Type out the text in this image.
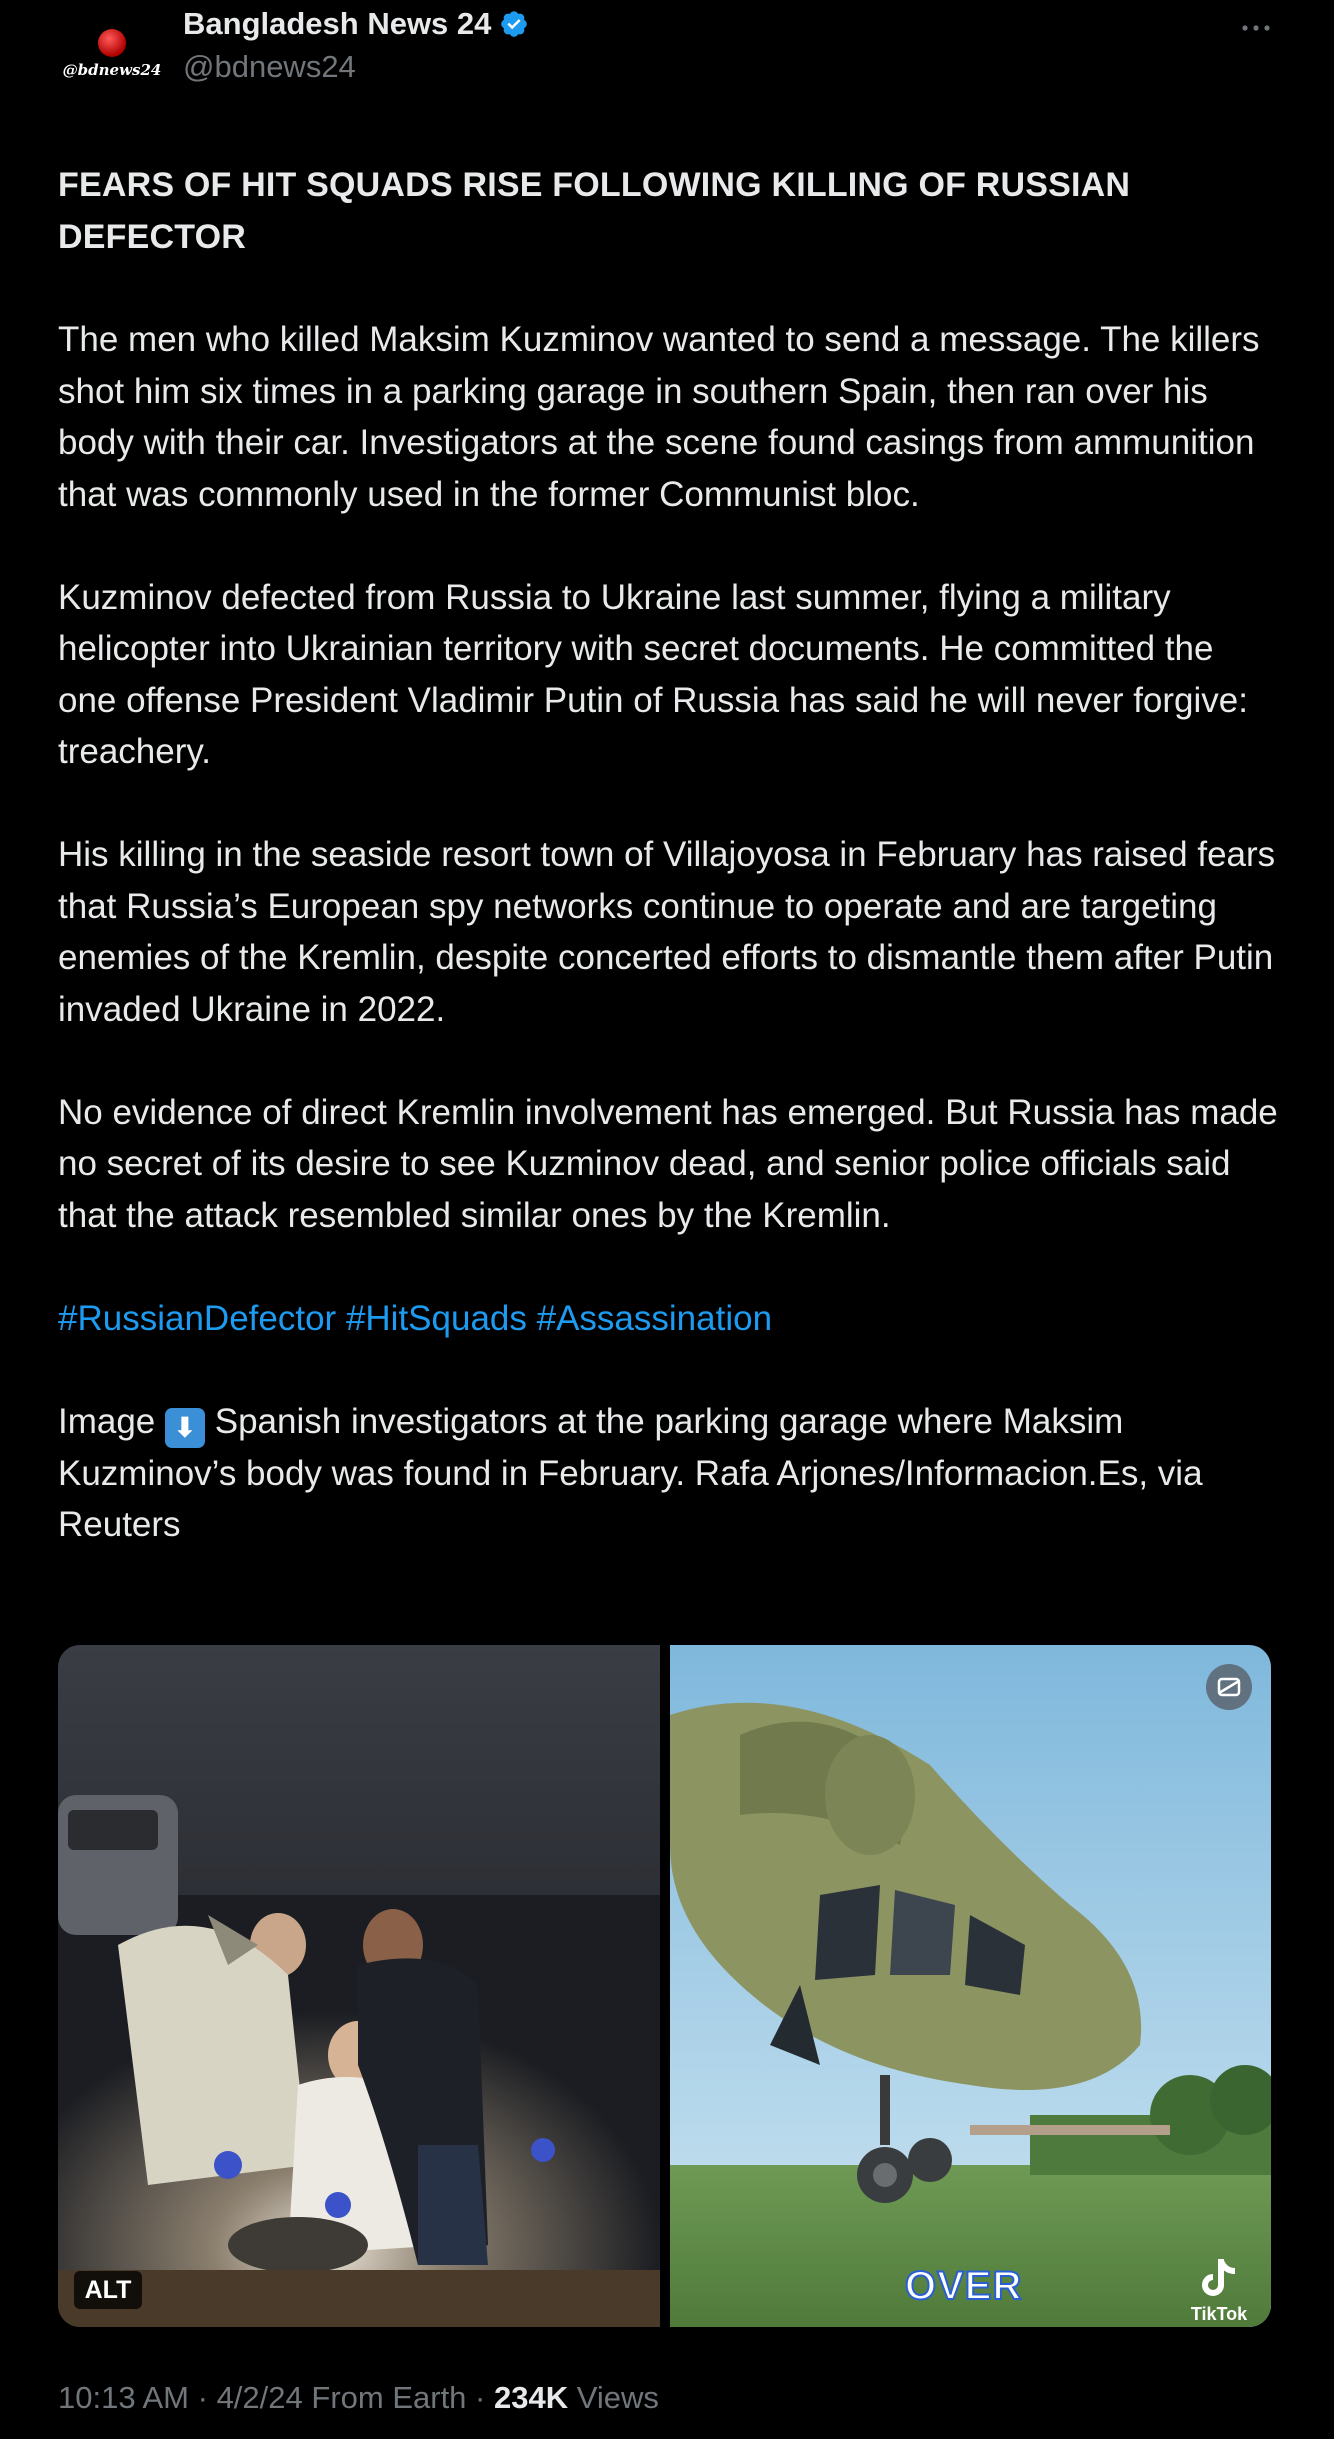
@bdnews24
Bangladesh News 24
@bdnews24

FEARS OF HIT SQUADS RISE FOLLOWING KILLING OF RUSSIAN DEFECTOR

The men who killed Maksim Kuzminov wanted to send a message. The killers shot him six times in a parking garage in southern Spain, then ran over his body with their car. Investigators at the scene found casings from ammunition that was commonly used in the former Communist bloc.

Kuzminov defected from Russia to Ukraine last summer, flying a military helicopter into Ukrainian territory with secret documents. He committed the one offense President Vladimir Putin of Russia has said he will never forgive: treachery.

His killing in the seaside resort town of Villajoyosa in February has raised fears that Russia’s European spy networks continue to operate and are targeting enemies of the Kremlin, despite concerted efforts to dismantle them after Putin invaded Ukraine in 2022.

No evidence of direct Kremlin involvement has emerged. But Russia has made no secret of its desire to see Kuzminov dead, and senior police officials said that the attack resembled similar ones by the Kremlin.

#RussianDefector #HitSquads #Assassination

Image ⬇ Spanish investigators at the parking garage where Maksim Kuzminov’s body was found in February. Rafa Arjones/Informacion.Es, via Reuters

ALT	OVER
TikTok
10:13 AM · 4/2/24 From Earth · 234K Views
